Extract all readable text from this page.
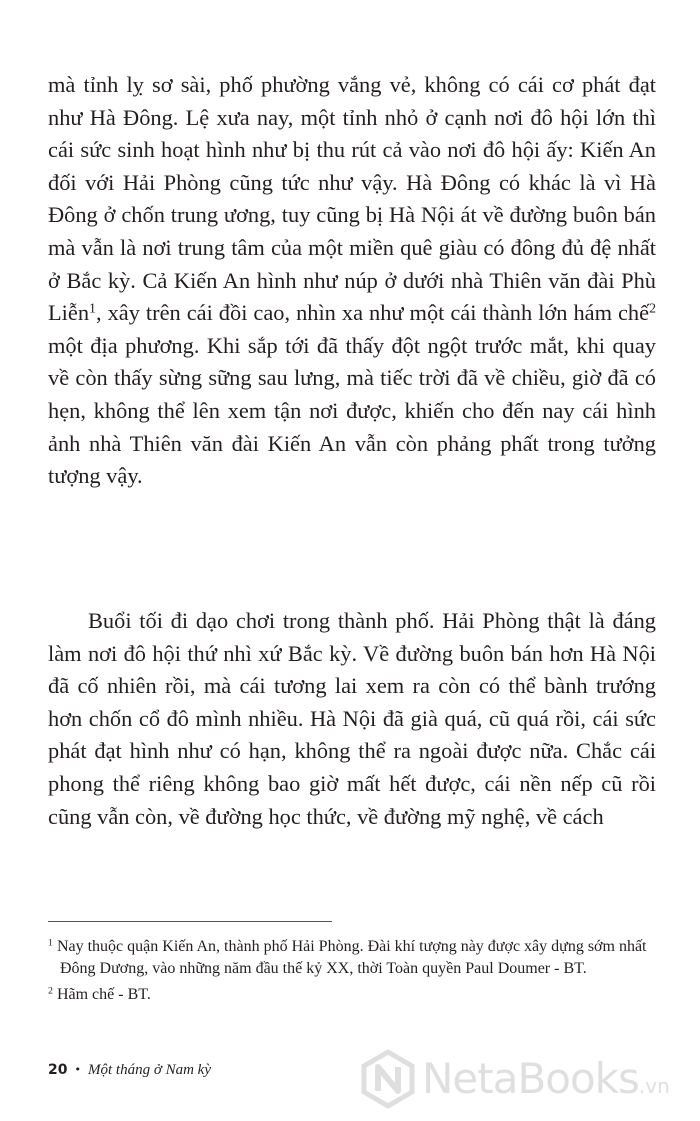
mà tỉnh lỵ sơ sài, phố phường vắng vẻ, không có cái cơ phát đạt như Hà Đông. Lệ xưa nay, một tỉnh nhỏ ở cạnh nơi đô hội lớn thì cái sức sinh hoạt hình như bị thu rút cả vào nơi đô hội ấy: Kiến An đối với Hải Phòng cũng tức như vậy. Hà Đông có khác là vì Hà Đông ở chốn trung ương, tuy cũng bị Hà Nội át về đường buôn bán mà vẫn là nơi trung tâm của một miền quê giàu có đông đủ đệ nhất ở Bắc kỳ. Cả Kiến An hình như núp ở dưới nhà Thiên văn đài Phù Liễn$^1$, xây trên cái đồi cao, nhìn xa như một cái thành lớn hám chế$^2$ một địa phương. Khi sắp tới đã thấy đột ngột trước mắt, khi quay về còn thấy sừng sững sau lưng, mà tiếc trời đã về chiều, giờ đã có hẹn, không thể lên xem tận nơi được, khiến cho đến nay cái hình ảnh nhà Thiên văn đài Kiến An vẫn còn phảng phất trong tưởng tượng vậy.

Buổi tối đi dạo chơi trong thành phố. Hải Phòng thật là đáng làm nơi đô hội thứ nhì xứ Bắc kỳ. Về đường buôn bán hơn Hà Nội đã cố nhiên rồi, mà cái tương lai xem ra còn có thể bành trướng hơn chốn cổ đô mình nhiều. Hà Nội đã già quá, cũ quá rồi, cái sức phát đạt hình như có hạn, không thể ra ngoài được nữa. Chắc cái phong thể riêng không bao giờ mất hết được, cái nền nếp cũ rồi cũng vẫn còn, về đường học thức, về đường mỹ nghệ, về cách

$^1$ Nay thuộc quận Kiến An, thành phố Hải Phòng. Đài khí tượng này được xây dựng sớm nhất Đông Dương, vào những năm đầu thế kỷ XX, thời Toàn quyền Paul Doumer - BT.

$^2$ Hãm chế - BT.

20 • Một tháng ở Nam kỳ	NetaBooks.vn
